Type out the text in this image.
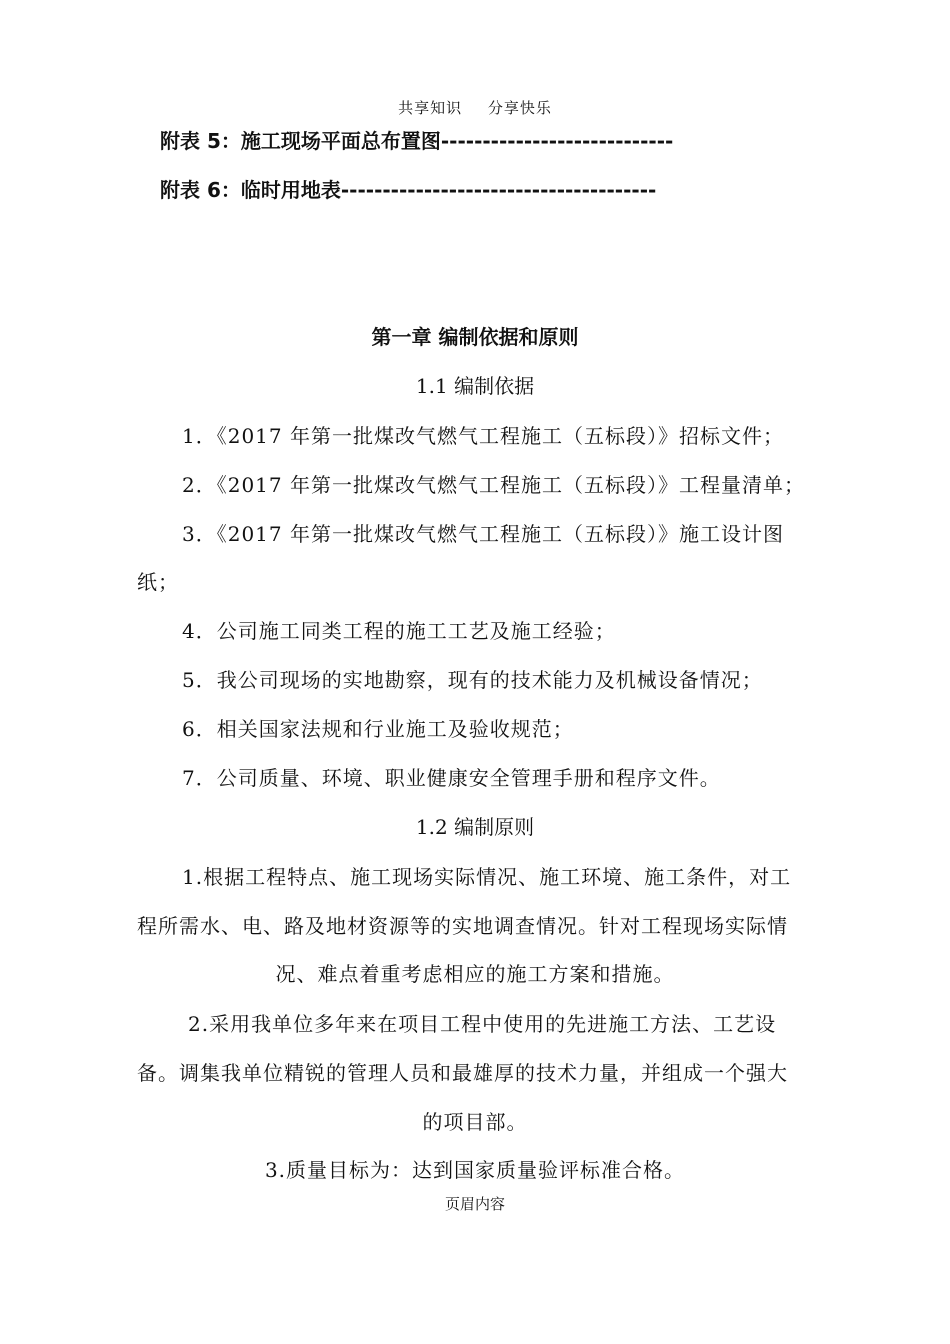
共享知识 分享快乐
附表 5：施工现场平面总布置图----------------------------
附表 6：临时用地表--------------------------------------
第一章 编制依据和原则
1.1 编制依据
1．《2017 年第一批煤改气燃气工程施工（五标段）》招标文件；
2．《2017 年第一批煤改气燃气工程施工（五标段）》工程量清单；
3．《2017 年第一批煤改气燃气工程施工（五标段）》施工设计图
纸；
4．公司施工同类工程的施工工艺及施工经验；
5．我公司现场的实地勘察，现有的技术能力及机械设备情况；
6．相关国家法规和行业施工及验收规范；
7．公司质量、环境、职业健康安全管理手册和程序文件。
1.2 编制原则
1.根据工程特点、施工现场实际情况、施工环境、施工条件，对工
程所需水、电、路及地材资源等的实地调查情况。针对工程现场实际情
况、难点着重考虑相应的施工方案和措施。
2.采用我单位多年来在项目工程中使用的先进施工方法、工艺设
备。调集我单位精锐的管理人员和最雄厚的技术力量，并组成一个强大
的项目部。
3.质量目标为：达到国家质量验评标准合格。
页眉内容
